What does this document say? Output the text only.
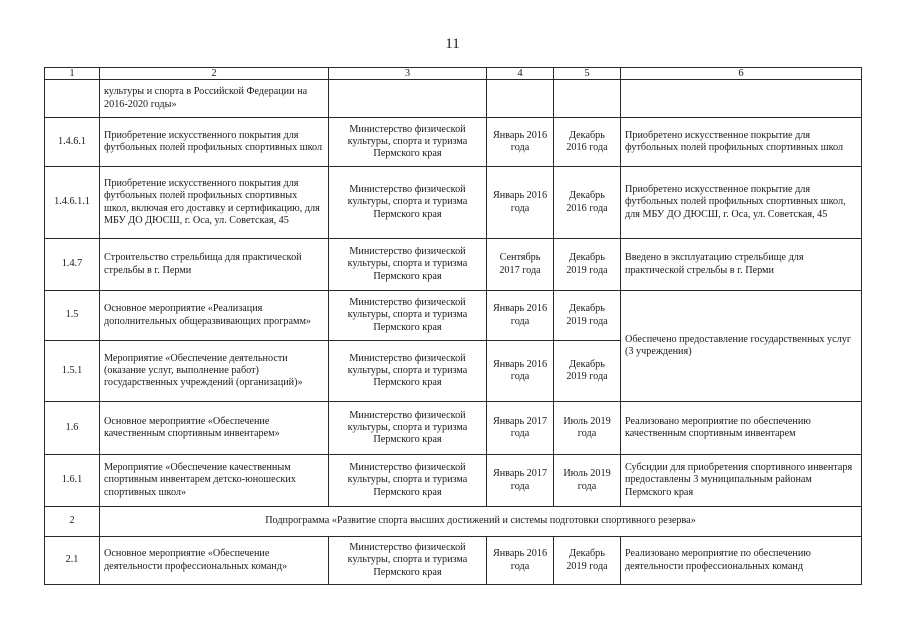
11
1	2	3	4	5	6
	культуры и спорта в Российской Федерации на 2016-2020 годы»				
1.4.6.1	Приобретение искусственного покрытия для футбольных полей профильных спортивных школ	Министерство физической культуры, спорта и туризма Пермского края	Январь 2016 года	Декабрь 2016 года	Приобретено искусственное покрытие для футбольных полей профильных спортивных школ
1.4.6.1.1	Приобретение искусственного покрытия для футбольных полей профильных спортивных школ, включая его доставку и сертификацию, для МБУ ДО ДЮСШ, г. Оса, ул. Советская, 45	Министерство физической культуры, спорта и туризма Пермского края	Январь 2016 года	Декабрь 2016 года	Приобретено искусственное покрытие для футбольных полей профильных спортивных школ, для МБУ ДО ДЮСШ, г. Оса, ул. Советская, 45
1.4.7	Строительство стрельбища для практической стрельбы в г. Перми	Министерство физической культуры, спорта и туризма Пермского края	Сентябрь 2017 года	Декабрь 2019 года	Введено в эксплуатацию стрельбище для практической стрельбы в г. Перми
1.5	Основное мероприятие «Реализация дополнительных общеразвивающих программ»	Министерство физической культуры, спорта и туризма Пермского края	Январь 2016 года	Декабрь 2019 года	Обеспечено предоставление государственных услуг (3 учреждения)
1.5.1	Мероприятие «Обеспечение деятельности (оказание услуг, выполнение работ) государственных учреждений (организаций)»	Министерство физической культуры, спорта и туризма Пермского края	Январь 2016 года	Декабрь 2019 года	
1.6	Основное мероприятие «Обеспечение качественным спортивным инвентарем»	Министерство физической культуры, спорта и туризма Пермского края	Январь 2017 года	Июль 2019 года	Реализовано мероприятие по обеспечению качественным спортивным инвентарем
1.6.1	Мероприятие «Обеспечение качественным спортивным инвентарем детско-юношеских спортивных школ»	Министерство физической культуры, спорта и туризма Пермского края	Январь 2017 года	Июль 2019 года	Субсидии для приобретения спортивного инвентаря предоставлены 3 муниципальным районам Пермского края
2	Подпрограмма «Развитие спорта высших достижений и системы подготовки спортивного резерва»				
2.1	Основное мероприятие «Обеспечение деятельности профессиональных команд»	Министерство физической культуры, спорта и туризма Пермского края	Январь 2016 года	Декабрь 2019 года	Реализовано мероприятие по обеспечению деятельности профессиональных команд
